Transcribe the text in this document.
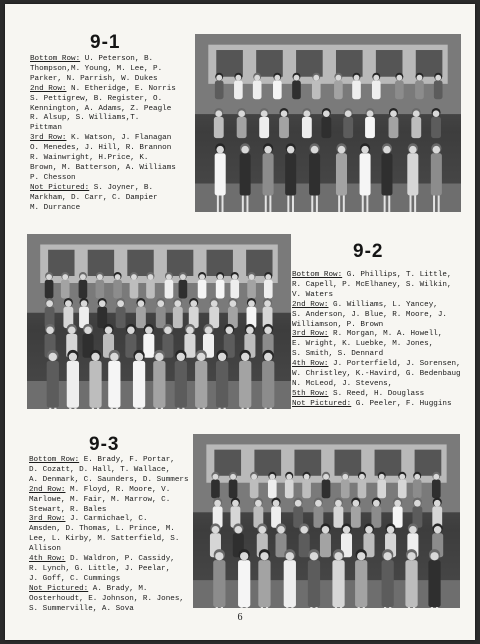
9-1
Bottom Row: U. Peterson, B.
Thompson,M. Young, M. Lee, P.
Parker, N. Parrish, W. Dukes
2nd Row: N. Etheridge, E. Norris
S. Pettigrew, B. Register, O.
Kennington, A. Adams, Z. Peagle
R. Alsup, S. Williams,T.
Pittman
3rd Row: K. Watson, J. Flanagan
O. Menedes, J. Hill, R. Brannon
R. Wainwright, H.Price, K.
Brown, M. Batterson, A. Williams
P. Chesson
Not Pictured: S. Joyner, B.
Markham, D. Carr, C. Dampier
M. Durrance
9-2
Bottom Row: G. Phillips, T. Little,
R. Capell, P. McElhaney, S. Wilkin,
V. Waters
2nd Row: G. Williams, L. Yancey,
S. Anderson, J. Blue, R. Moore, J.
Williamson, P. Brown
3rd Row: R. Morgan, M. A. Howell,
E. Wright, K. Luebke, M. Jones,
S. Smith, S. Dennard
4th Row: J. Porterfield, J. Sorensen,
W. Christley, K.-Havird, G. Bedenbaug
N. McLeod, J. Stevens,
5th Row: S. Reed, H. Douglass
Not Pictured: G. Peeler, F. Huggins
9-3
Bottom Row: E. Brady, F. Portar,
D. Cozatt, D. Hall, T. Wallace,
A. Denmark, C. Saunders, D. Summers
2nd Row: M. Floyd, R. Moore, V.
Marlowe, M. Fair, M. Marrow, C.
Stewart, R. Bales
3rd Row: J. Carmichael, C.
Amsden, D. Thomas, L. Prince, M.
Lee, L. Kirby, M. Satterfield, S.
Allison
4th Row: D. Waldron, P. Cassidy,
R. Lynch, G. Little, J. Peelar,
J. Goff, C. Cummings
Not Pictured: A. Brady, M.
Oosterhoudt, E. Johnson, R. Jones,
S. Summerville, A. Sova
6
